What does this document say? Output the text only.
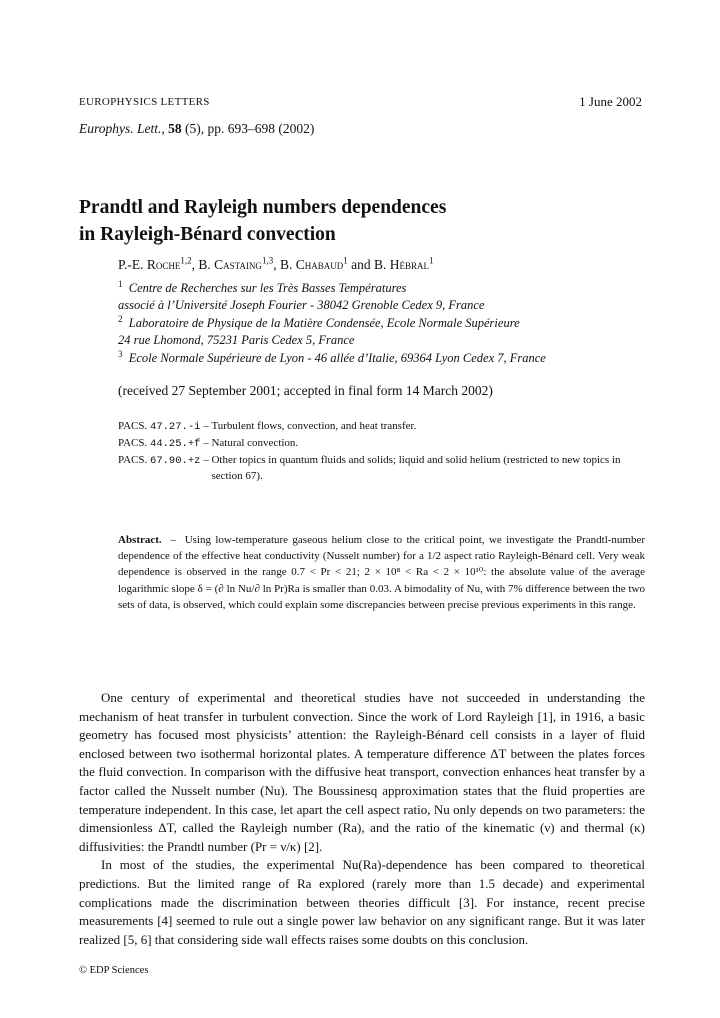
EUROPHYSICS LETTERS	1 June 2002
Europhys. Lett., 58 (5), pp. 693–698 (2002)
Prandtl and Rayleigh numbers dependences
in Rayleigh-Bénard convection
P.-E. Roche$^{1,2}$, B. Castaing$^{1,3}$, B. Chabaud$^1$ and B. Hébral$^1$
$^1$ Centre de Recherches sur les Très Basses Températures
associé à l’Université Joseph Fourier - 38042 Grenoble Cedex 9, France
$^2$ Laboratoire de Physique de la Matière Condensée, Ecole Normale Supérieure
24 rue Lhomond, 75231 Paris Cedex 5, France
$^3$ Ecole Normale Supérieure de Lyon - 46 allée d’Italie, 69364 Lyon Cedex 7, France
(received 27 September 2001; accepted in final form 14 March 2002)
PACS. 47.27.-i – Turbulent flows, convection, and heat transfer.
PACS. 44.25.+f – Natural convection.
PACS. 67.90.+z – Other topics in quantum fluids and solids; liquid and solid helium (restricted to new topics in section 67).

Abstract.  –  Using low-temperature gaseous helium close to the critical point, we investigate the Prandtl-number dependence of the effective heat conductivity (Nusselt number) for a 1/2 aspect ratio Rayleigh-Bénard cell. Very weak dependence is observed in the range 0.7 < Pr < 21; 2 × 10⁸ < Ra < 2 × 10¹⁰: the absolute value of the average logarithmic slope δ = (∂ ln Nu/∂ ln Pr)Ra is smaller than 0.03. A bimodality of Nu, with 7% difference between the two sets of data, is observed, which could explain some discrepancies between precise previous experiments in this range.

One century of experimental and theoretical studies have not succeeded in understanding the mechanism of heat transfer in turbulent convection. Since the work of Lord Rayleigh [1], in 1916, a basic geometry has focused most physicists’ attention: the Rayleigh-Bénard cell consists in a layer of fluid enclosed between two isothermal horizontal plates. A temperature difference ΔT between the plates forces the fluid convection. In comparison with the diffusive heat transport, convection enhances heat transfer by a factor called the Nusselt number (Nu). The Boussinesq approximation states that the fluid properties are temperature independent. In this case, let apart the cell aspect ratio, Nu only depends on two parameters: the dimensionless ΔT, called the Rayleigh number (Ra), and the ratio of the kinematic (ν) and thermal (κ) diffusivities: the Prandtl number (Pr = ν/κ) [2].

In most of the studies, the experimental Nu(Ra)-dependence has been compared to theoretical predictions. But the limited range of Ra explored (rarely more than 1.5 decade) and experimental complications made the discrimination between theories difficult [3]. For instance, recent precise measurements [4] seemed to rule out a single power law behavior on any significant range. But it was later realized [5, 6] that considering side wall effects raises some doubts on this conclusion.

© EDP Sciences
